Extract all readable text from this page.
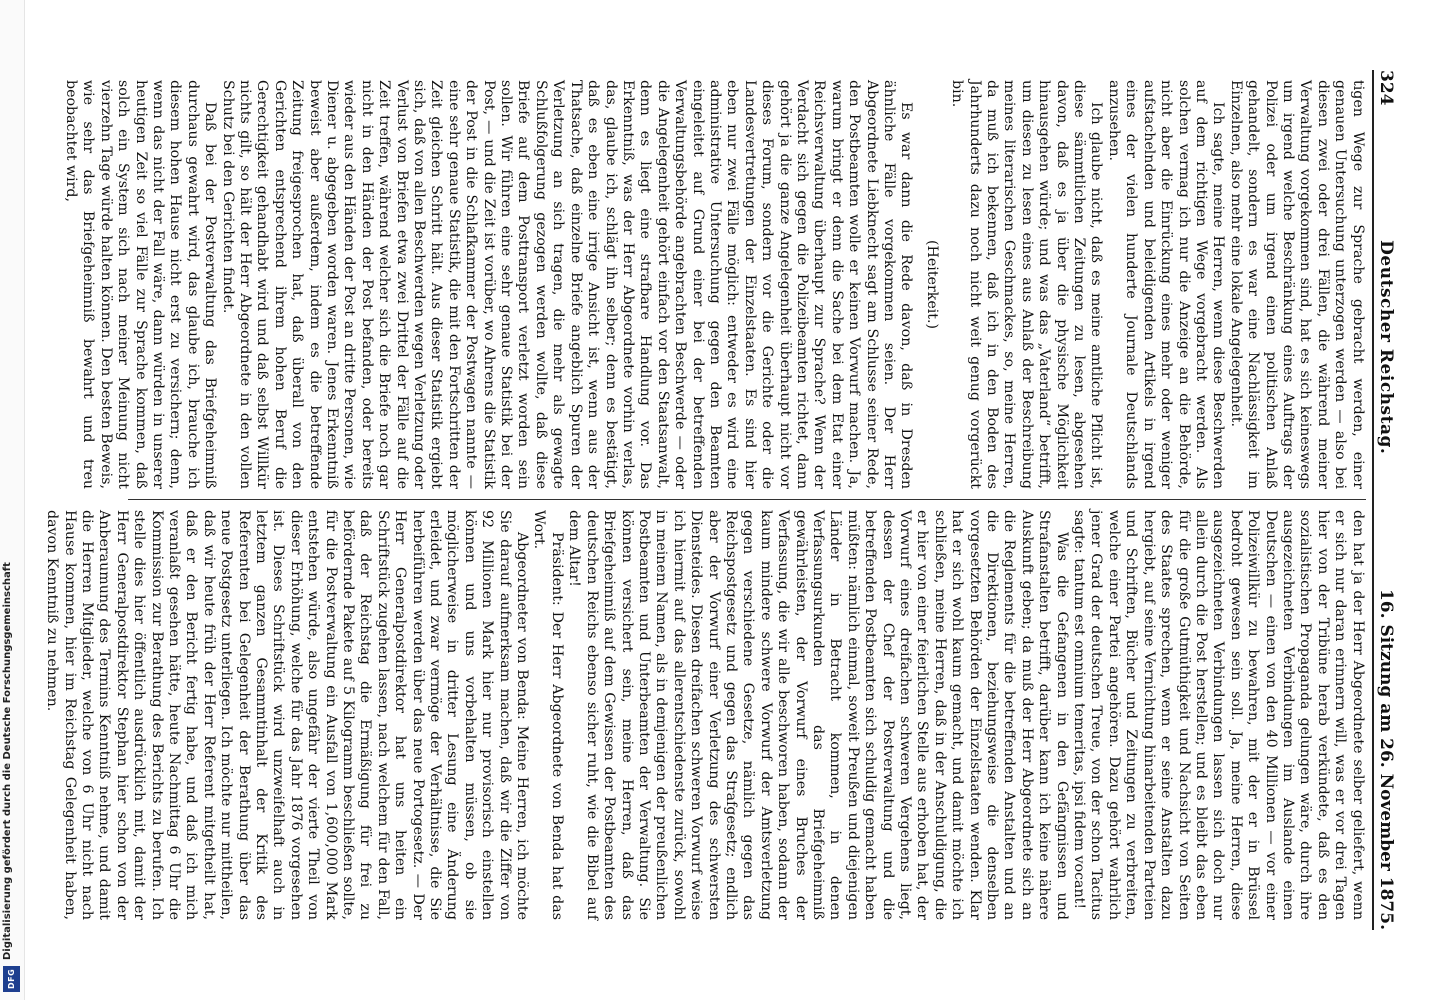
Digitalisierung gefördert durch die Deutsche Forschungsgemeinschaft
DFG
324
Deutscher Reichstag.
16. Sitzung am 26. November 1875.

tigen Wege zur Sprache gebracht werden, einer genauen Untersuchung unterzogen werden — also bei diesen zwei oder drei Fällen, die während meiner Verwaltung vorgekommen sind, hat es sich keineswegs um irgend welche Beschränkung eines Auftrags der Polizei oder um irgend einen politischen Anlaß gehandelt, sondern es war eine Nachlässigkeit im Einzelnen, also mehr eine lokale Angelegenheit.

Ich sagte, meine Herren, wenn diese Beschwerden auf dem richtigen Wege vorgebracht werden. Als solchen vermag ich nur die Anzeige an die Behörde, nicht aber die Einrückung eines mehr oder weniger aufstachelnden und beleidigenden Artikels in irgend eines der vielen hunderte Journale Deutschlands anzusehen.

Ich glaube nicht, daß es meine amtliche Pflicht ist, diese sämmtlichen Zeitungen zu lesen, abgesehen davon, daß es ja über die physische Möglichkeit hinausgehen würde; und was das „Vaterland“ betrifft, um diesen zu lesen eines aus Anlaß der Beschreibung meines literarischen Geschmackes, so, meine Herren, da muß ich bekennen, daß ich in den Boden des Jahrhunderts dazu noch nicht weit genug vorgerückt bin.

(Heiterkeit.)

Es war dann die Rede davon, daß in Dresden ähnliche Fälle vorgekommen seien. Der Herr Abgeordnete Liebknecht sagt am Schlusse seiner Rede, den Postbeamten wolle er keinen Vorwurf machen. Ja, warum bringt er denn die Sache bei dem Etat einer Reichsverwaltung überhaupt zur Sprache? Wenn der Verdacht sich gegen die Polizeibeamten richtet, dann gehört ja die ganze Angelegenheit überhaupt nicht vor dieses Forum, sondern vor die Gerichte oder die Landesvertretungen der Einzelstaaten. Es sind hier eben nur zwei Fälle möglich: entweder es wird eine administrative Untersuchung gegen den Beamten eingeleitet auf Grund einer bei der betreffenden Verwaltungsbehörde angebrachten Beschwerde — oder die Angelegenheit gehört einfach vor den Staatsanwalt, denn es liegt eine strafbare Handlung vor. Das Erkenntniß, was der Herr Abgeordnete vorhin verlas, das, glaube ich, schlägt ihn selber; denn es bestätigt, daß es eben eine irrige Ansicht ist, wenn aus der Thatsache, daß einzelne Briefe angeblich Spuren der Verletzung an sich tragen, die mehr als gewagte Schlußfolgerung gezogen werden wollte, daß diese Briefe auf dem Posttransport verletzt worden sein sollen. Wir führen eine sehr genaue Statistik bei der Post, — und die Zeit ist vorüber, wo Ahrens die Statistik der Post in die Schlafkammer der Postwagen nannte — eine sehr genaue Statistik, die mit den Fortschritten der Zeit gleichen Schritt hält. Aus dieser Statistik ergiebt sich, daß von allen Beschwerden wegen Verletzung oder Verlust von Briefen etwa zwei Drittel der Fälle auf die Zeit treffen, während welcher sich die Briefe noch gar nicht in den Händen der Post befanden, oder bereits wieder aus den Händen der Post an dritte Personen, wie Diener u. abgegeben worden waren. Jenes Erkenntniß beweist aber außerdem, indem es die betreffende Zeitung freigesprochen hat, daß überall von den Gerichten entsprechend ihrem hohen Beruf die Gerechtigkeit gehandhabt wird und daß selbst Willkür nichts gilt, so hält der Herr Abgeordnete in den vollen Schutz bei den Gerichten findet.

Daß bei der Postverwaltung das Briefgeheimniß durchaus gewahrt wird, das glaube ich, brauche ich diesem hohen Hause nicht erst zu versichern; denn, wenn das nicht der Fall wäre, dann würden in unserer heutigen Zeit so viel Fälle zur Sprache kommen, daß solch ein System sich nach meiner Meinung nicht vierzehn Tage würde halten können. Den besten Beweis, wie sehr das Briefgeheimniß bewahrt und treu beobachtet wird,

den hat ja der Herr Abgeordnete selber geliefert, wenn er sich nur daran erinnern will, was er vor drei Tagen hier von der Tribüne herab verkündete, daß es den sozialistischen Propaganda gelungen wäre, durch ihre ausgezeichneten Verbindungen im Auslande einen Deutschen — einen von den 40 Millionen — vor einer Polizeiwillkür zu bewahren, mit der er in Brüssel bedroht gewesen sein soll. Ja, meine Herren, diese ausgezeichneten Verbindungen lassen sich doch nur allein durch die Post herstellen; und es bleibt das eben für die große Gutmüthigkeit und Nachsicht von Seiten des Staates sprechen, wenn er seine Anstalten dazu hergiebt, auf seine Vernichtung hinarbeitenden Parteien und Schriften, Bücher und Zeitungen zu verbreiten, welche einer Partei angehören. Dazu gehört wahrlich jener Grad der deutschen Treue, von der schon Tacitus sagte: tantum est omnium temeritas, ipsi fidem vocant!

Was die Gefangenen in den Gefängnissen und Strafanstalten betrifft, darüber kann ich keine nähere Auskunft geben; da muß der Herr Abgeordnete sich an die Reglements für die betreffenden Anstalten und an die Direktionen, beziehungsweise die denselben vorgesetzten Behörden der Einzelstaaten wenden. Klar hat er sich wohl kaum gemacht, und damit möchte ich schließen, meine Herren, daß in der Anschuldigung, die er hier von einer feierlichen Stelle aus erhoben hat, der Vorwurf eines dreifachen schweren Vergehens liegt, dessen der Chef der Postverwaltung und die betreffenden Postbeamten sich schuldig gemacht haben müßten: nämlich einmal, soweit Preußen und diejenigen Länder in Betracht kommen, in denen Verfassungsurkunden das Briefgeheimniß gewährleisten, der Vorwurf eines Bruches der Verfassung, die wir alle beschworen haben, sodann der kaum mindere schwere Vorwurf der Amtsverletzung gegen verschiedene Gesetze, nämlich gegen das Reichspostgesetz und gegen das Strafgesetz; endlich aber der Vorwurf einer Verletzung des schwersten Diensteides. Diesen dreifachen schweren Vorwurf weise ich hiermit auf das allerentschiedenste zurück, sowohl in meinem Namen, als in demjenigen der preußenlichen Postbeamten und Unterbeamten der Verwaltung. Sie können versichert sein, meine Herren, daß das Briefgeheimniß auf dem Gewissen der Postbeamten des deutschen Reichs ebenso sicher ruht, wie die Bibel auf dem Altar!

Präsident: Der Herr Abgeordnete von Benda hat das Wort.

Abgeordneter von Benda: Meine Herren, ich möchte Sie darauf aufmerksam machen, daß wir die Ziffer von 92 Millionen Mark hier nur provisorisch einstellen können und uns vorbehalten müssen, ob sie möglicherweise in dritter Lesung eine Änderung erleidet, und zwar vermöge der Verhältnisse, die Sie herbeiführen werden über das neue Portogesetz. — Der Herr Generalpostdirektor hat uns heiten ein Schriftstück zugehen lassen, nach welchem für den Fall, daß der Reichstag die Ermäßigung für frei zu befördernde Pakete auf 5 Kilogramm beschließen sollte, für die Postverwaltung ein Ausfall von 1,600,000 Mark entstehen würde, also ungefähr der vierte Theil von dieser Erhöhung, welche für das Jahr 1876 vorgesehen ist. Dieses Schriftstück wird unzweifelhaft auch in letztem ganzen Gesammtinhalt der Kritik des Referenten bei Gelegenheit der Berathung über das neue Postgesetz unterliegen. Ich möchte nur mittheilen, daß wir heute früh der Herr Referent mitgetheilt hat, daß er den Bericht fertig habe, und daß ich mich veranlaßt gesehen hätte, heute Nachmittag 6 Uhr die Kommission zur Berathung des Berichts zu berufen. Ich stelle dies hier öffentlich ausdrücklich mit, damit der Herr Generalpostdirektor Stephan hier schon von der Anberaumung des Termins Kenntniß nehme, und damit die Herren Mitglieder, welche von 6 Uhr nicht nach Hause kommen, hier im Reichstag Gelegenheit haben, davon Kenntniß zu nehmen.
